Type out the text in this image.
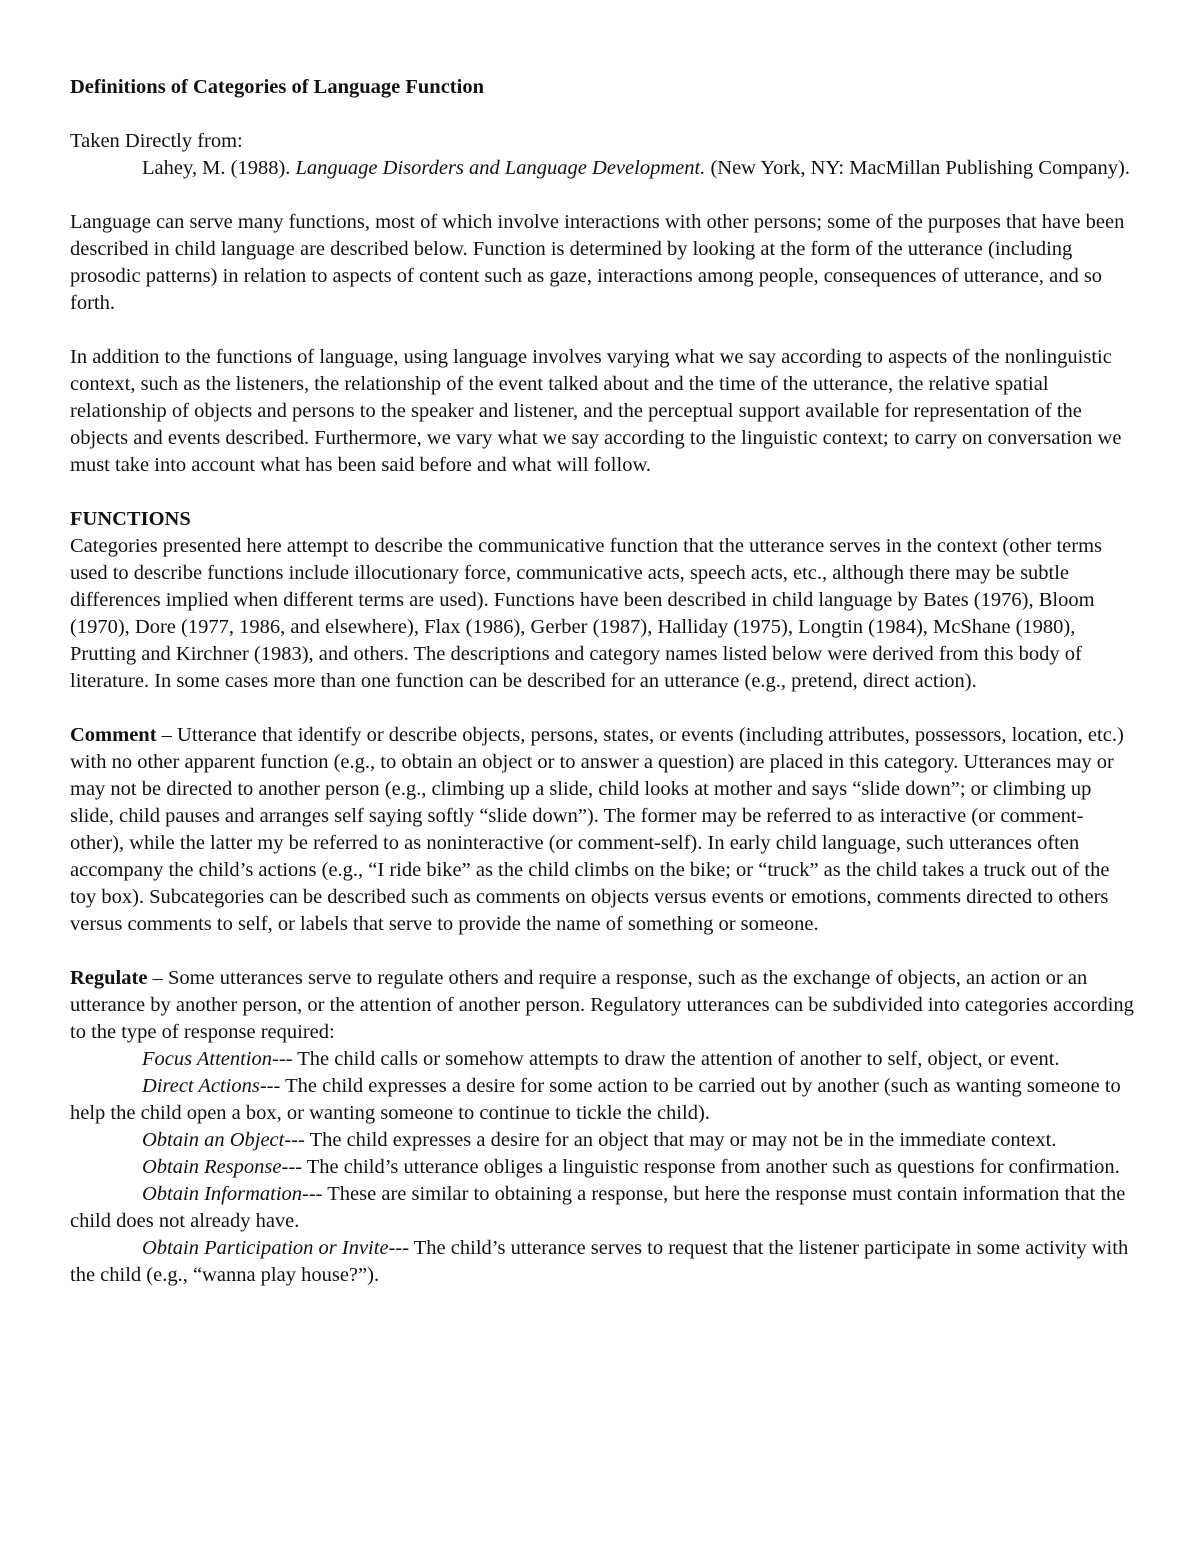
Definitions of Categories of Language Function

Taken Directly from:

Lahey, M. (1988). Language Disorders and Language Development. (New York, NY: MacMillan Publishing Company).

Language can serve many functions, most of which involve interactions with other persons; some of the purposes that have been described in child language are described below. Function is determined by looking at the form of the utterance (including prosodic patterns) in relation to aspects of content such as gaze, interactions among people, consequences of utterance, and so forth.

In addition to the functions of language, using language involves varying what we say according to aspects of the nonlinguistic context, such as the listeners, the relationship of the event talked about and the time of the utterance, the relative spatial relationship of objects and persons to the speaker and listener, and the perceptual support available for representation of the objects and events described. Furthermore, we vary what we say according to the linguistic context; to carry on conversation we must take into account what has been said before and what will follow.

FUNCTIONS

Categories presented here attempt to describe the communicative function that the utterance serves in the context (other terms used to describe functions include illocutionary force, communicative acts, speech acts, etc., although there may be subtle differences implied when different terms are used). Functions have been described in child language by Bates (1976), Bloom (1970), Dore (1977, 1986, and elsewhere), Flax (1986), Gerber (1987), Halliday (1975), Longtin (1984), McShane (1980), Prutting and Kirchner (1983), and others. The descriptions and category names listed below were derived from this body of literature. In some cases more than one function can be described for an utterance (e.g., pretend, direct action).

Comment – Utterance that identify or describe objects, persons, states, or events (including attributes, possessors, location, etc.) with no other apparent function (e.g., to obtain an object or to answer a question) are placed in this category. Utterances may or may not be directed to another person (e.g., climbing up a slide, child looks at mother and says “slide down”; or climbing up slide, child pauses and arranges self saying softly “slide down”). The former may be referred to as interactive (or comment-other), while the latter my be referred to as noninteractive (or comment-self). In early child language, such utterances often accompany the child’s actions (e.g., “I ride bike” as the child climbs on the bike; or “truck” as the child takes a truck out of the toy box). Subcategories can be described such as comments on objects versus events or emotions, comments directed to others versus comments to self, or labels that serve to provide the name of something or someone.

Regulate – Some utterances serve to regulate others and require a response, such as the exchange of objects, an action or an utterance by another person, or the attention of another person. Regulatory utterances can be subdivided into categories according to the type of response required:

Focus Attention--- The child calls or somehow attempts to draw the attention of another to self, object, or event.

Direct Actions--- The child expresses a desire for some action to be carried out by another (such as wanting someone to help the child open a box, or wanting someone to continue to tickle the child).

Obtain an Object--- The child expresses a desire for an object that may or may not be in the immediate context.

Obtain Response--- The child’s utterance obliges a linguistic response from another such as questions for confirmation.

Obtain Information--- These are similar to obtaining a response, but here the response must contain information that the child does not already have.

Obtain Participation or Invite--- The child’s utterance serves to request that the listener participate in some activity with the child (e.g., “wanna play house?”).
